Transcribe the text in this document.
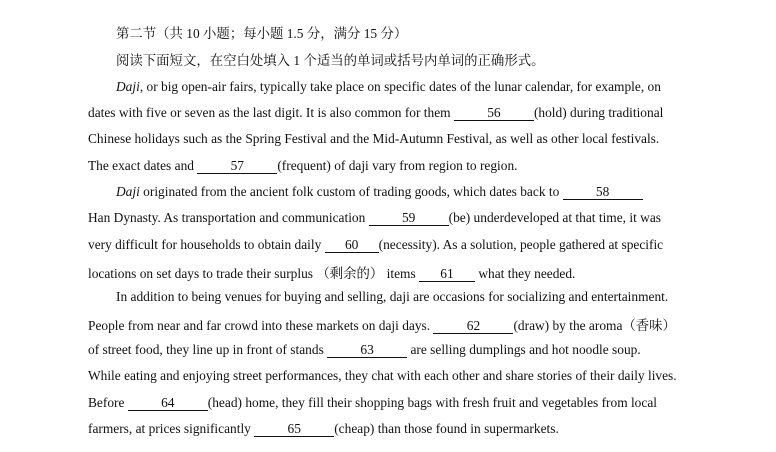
第二节（共 10 小题；每小题 1.5 分，满分 15 分）
阅读下面短文，在空白处填入 1 个适当的单词或括号内单词的正确形式。
Daji, or big open-air fairs, typically take place on specific dates of the lunar calendar, for example, on
dates with five or seven as the last digit. It is also common for them 56 (hold) during traditional
Chinese holidays such as the Spring Festival and the Mid-Autumn Festival, as well as other local festivals.
The exact dates and 57 (frequent) of daji vary from region to region.
Daji originated from the ancient folk custom of trading goods, which dates back to 58
Han Dynasty. As transportation and communication 59 (be) underdeveloped at that time, it was
very difficult for households to obtain daily 60 (necessity). As a solution, people gathered at specific
locations on set days to trade their surplus （剩余的） items 61 what they needed.
In addition to being venues for buying and selling, daji are occasions for socializing and entertainment.
People from near and far crowd into these markets on daji days. 62 (draw) by the aroma（香味）
of street food, they line up in front of stands 63 are selling dumplings and hot noodle soup.
While eating and enjoying street performances, they chat with each other and share stories of their daily lives.
Before 64 (head) home, they fill their shopping bags with fresh fruit and vegetables from local
farmers, at prices significantly 65 (cheap) than those found in supermarkets.
